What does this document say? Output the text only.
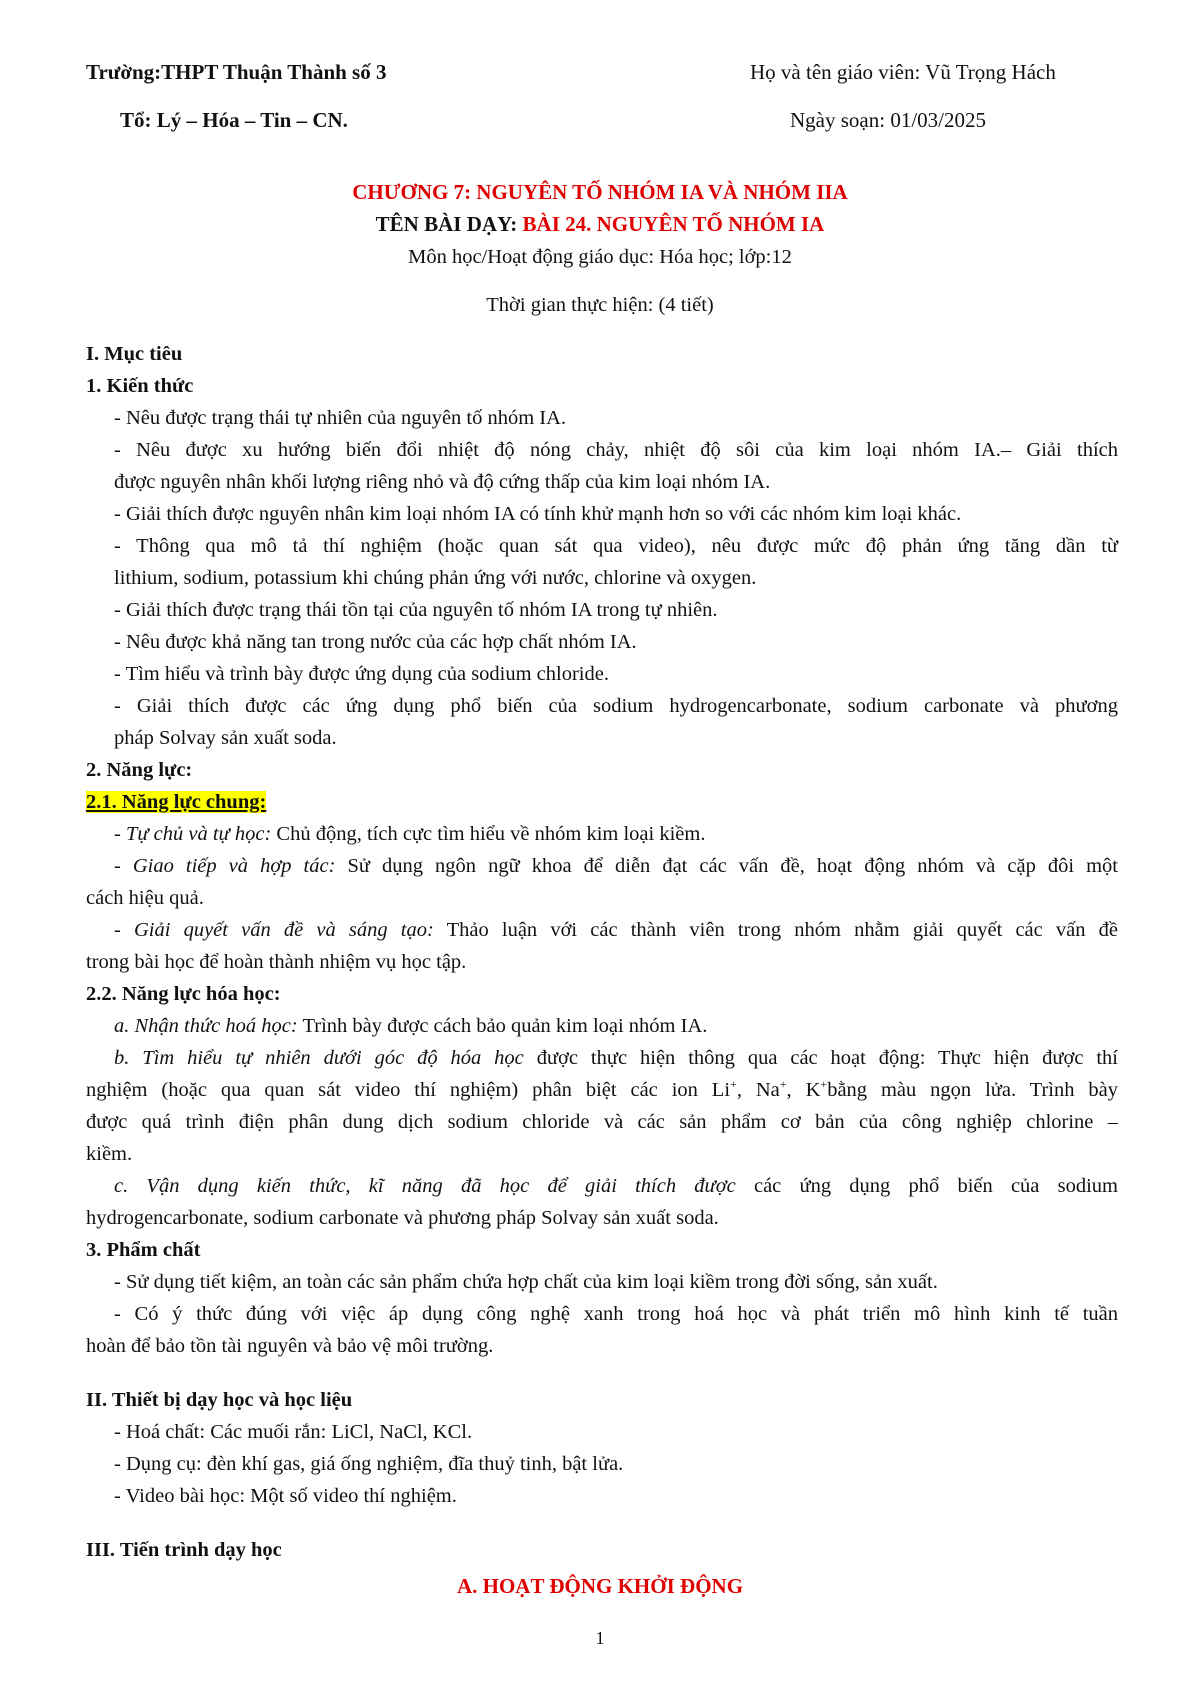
Trường:THPT Thuận Thành số 3	Họ và tên giáo viên: Vũ Trọng Hách
Tổ: Lý – Hóa – Tin – CN.	Ngày soạn: 01/03/2025
CHƯƠNG 7: NGUYÊN TỐ NHÓM IA VÀ NHÓM IIA
TÊN BÀI DẠY: BÀI 24. NGUYÊN TỐ NHÓM IA
Môn học/Hoạt động giáo dục: Hóa học; lớp:12
Thời gian thực hiện: (4 tiết)
I. Mục tiêu
1. Kiến thức
- Nêu được trạng thái tự nhiên của nguyên tố nhóm IA.
- Nêu được xu hướng biến đổi nhiệt độ nóng chảy, nhiệt độ sôi của kim loại nhóm IA.– Giải thích
được nguyên nhân khối lượng riêng nhỏ và độ cứng thấp của kim loại nhóm IA.
- Giải thích được nguyên nhân kim loại nhóm IA có tính khử mạnh hơn so với các nhóm kim loại khác.
- Thông qua mô tả thí nghiệm (hoặc quan sát qua video), nêu được mức độ phản ứng tăng dần từ
lithium, sodium, potassium khi chúng phản ứng với nước, chlorine và oxygen.
- Giải thích được trạng thái tồn tại của nguyên tố nhóm IA trong tự nhiên.
- Nêu được khả năng tan trong nước của các hợp chất nhóm IA.
- Tìm hiểu và trình bày được ứng dụng của sodium chloride.
- Giải thích được các ứng dụng phổ biến của sodium hydrogencarbonate, sodium carbonate và phương
pháp Solvay sản xuất soda.
2. Năng lực:
2.1. Năng lực chung:
- Tự chủ và tự học: Chủ động, tích cực tìm hiểu về nhóm kim loại kiềm.
- Giao tiếp và hợp tác: Sử dụng ngôn ngữ khoa để diễn đạt các vấn đề, hoạt động nhóm và cặp đôi một
cách hiệu quả.
- Giải quyết vấn đề và sáng tạo: Thảo luận với các thành viên trong nhóm nhằm giải quyết các vấn đề
trong bài học để hoàn thành nhiệm vụ học tập.
2.2. Năng lực hóa học:
a. Nhận thức hoá học: Trình bày được cách bảo quản kim loại nhóm IA.
b. Tìm hiểu tự nhiên dưới góc độ hóa học được thực hiện thông qua các hoạt động: Thực hiện được thí
nghiệm (hoặc qua quan sát video thí nghiệm) phân biệt các ion Li+, Na+, K+bằng màu ngọn lửa. Trình bày
được quá trình điện phân dung dịch sodium chloride và các sản phẩm cơ bản của công nghiệp chlorine –
kiềm.
c. Vận dụng kiến thức, kĩ năng đã học để giải thích được các ứng dụng phổ biến của sodium
hydrogencarbonate, sodium carbonate và phương pháp Solvay sản xuất soda.
3. Phẩm chất
- Sử dụng tiết kiệm, an toàn các sản phẩm chứa hợp chất của kim loại kiềm trong đời sống, sản xuất.
- Có ý thức đúng với việc áp dụng công nghệ xanh trong hoá học và phát triển mô hình kinh tế tuần
hoàn để bảo tồn tài nguyên và bảo vệ môi trường.
II. Thiết bị dạy học và học liệu
- Hoá chất: Các muối rắn: LiCl, NaCl, KCl.
- Dụng cụ: đèn khí gas, giá ống nghiệm, đĩa thuỷ tinh, bật lửa.
- Video bài học: Một số video thí nghiệm.
III. Tiến trình dạy học
A. HOẠT ĐỘNG KHỞI ĐỘNG
1
